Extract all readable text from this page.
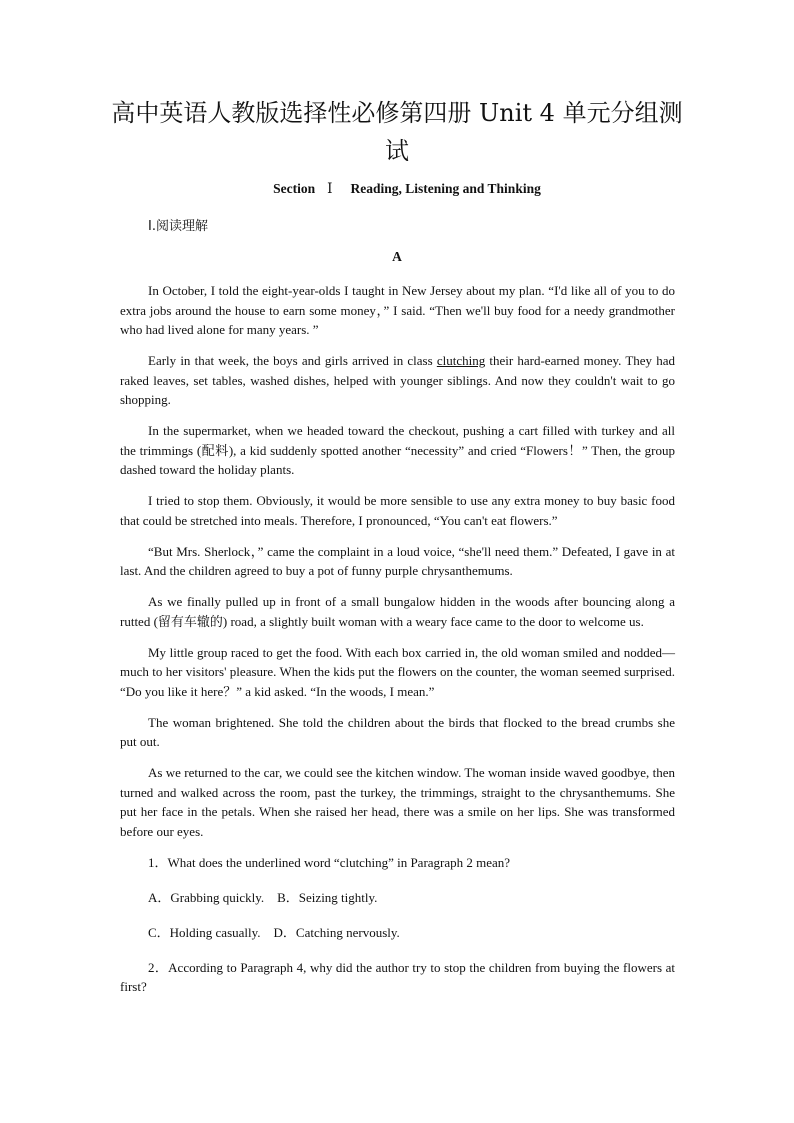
高中英语人教版选择性必修第四册 Unit 4 单元分组测试
Section Ⅰ Reading, Listening and Thinking
Ⅰ.阅读理解
A

In October, I told the eight-year-olds I taught in New Jersey about my plan. “I'd like all of you to do extra jobs around the house to earn some money，” I said. “Then we'll buy food for a needy grandmother who had lived alone for many years. ”

Early in that week, the boys and girls arrived in class clutching their hard-earned money. They had raked leaves, set tables, washed dishes, helped with younger siblings. And now they couldn't wait to go shopping.

In the supermarket, when we headed toward the checkout, pushing a cart filled with turkey and all the trimmings (配料), a kid suddenly spotted another “necessity” and cried “Flowers！” Then, the group dashed toward the holiday plants.

I tried to stop them. Obviously, it would be more sensible to use any extra money to buy basic food that could be stretched into meals. Therefore, I pronounced, “You can't eat flowers.”

“But Mrs. Sherlock，” came the complaint in a loud voice, “she'll need them.” Defeated, I gave in at last. And the children agreed to buy a pot of funny purple chrysanthemums.

As we finally pulled up in front of a small bungalow hidden in the woods after bouncing along a rutted (留有车辙的) road, a slightly built woman with a weary face came to the door to welcome us.

My little group raced to get the food. With each box carried in, the old woman smiled and nodded— much to her visitors' pleasure. When the kids put the flowers on the counter, the woman seemed surprised. “Do you like it here？” a kid asked. “In the woods, I mean.”

The woman brightened. She told the children about the birds that flocked to the bread crumbs she put out.

As we returned to the car, we could see the kitchen window. The woman inside waved goodbye, then turned and walked across the room, past the turkey, the trimmings, straight to the chrysanthemums. She put her face in the petals. When she raised her head, there was a smile on her lips. She was transformed before our eyes.

1．What does the underlined word “clutching” in Paragraph 2 mean?
A．Grabbing quickly.    B．Seizing tightly.
C．Holding casually.    D．Catching nervously.

2．According to Paragraph 4, why did the author try to stop the children from buying the flowers at first?
